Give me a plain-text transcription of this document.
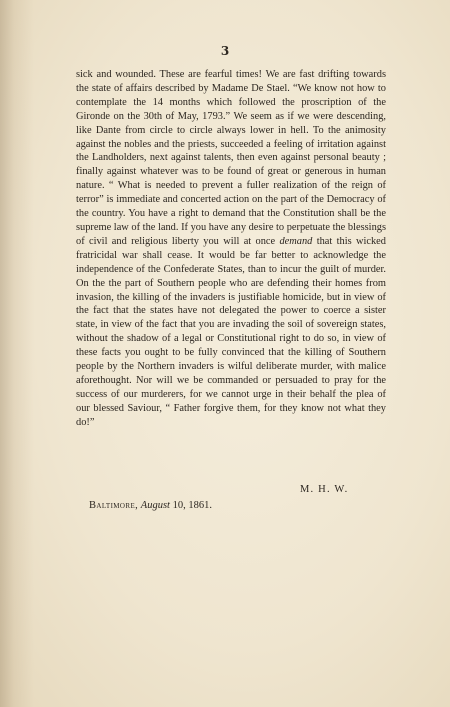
3

sick and wounded. These are fearful times! We are fast drifting towards the state of affairs described by Madame De Stael. “We know not how to contemplate the 14 months which followed the proscription of the Gironde on the 30th of May, 1793.” We seem as if we were descending, like Dante from circle to circle always lower in hell. To the animosity against the nobles and the priests, succeeded a feeling of irritation against the Landholders, next against talents, then even against personal beauty ; finally against whatever was to be found of great or generous in human nature. “ What is needed to prevent a fuller realization of the reign of terror” is immediate and concerted action on the part of the Democracy of the country. You have a right to demand that the Constitution shall be the supreme law of the land. If you have any desire to perpetuate the blessings of civil and religious liberty you will at once demand that this wicked fratricidal war shall cease. It would be far better to acknowledge the independence of the Confederate States, than to incur the guilt of murder. On the the part of Southern people who are defending their homes from invasion, the killing of the invaders is justifiable homicide, but in view of the fact that the states have not delegated the power to coerce a sister state, in view of the fact that you are invading the soil of sovereign states, without the shadow of a legal or Constitutional right to do so, in view of these facts you ought to be fully convinced that the killing of Southern people by the Northern invaders is wilful deliberate murder, with malice aforethought. Nor will we be commanded or persuaded to pray for the success of our murderers, for we cannot urge in their behalf the plea of our blessed Saviour, “ Father forgive them, for they know not what they do!”

M. H. W.
Baltimore, August 10, 1861.
